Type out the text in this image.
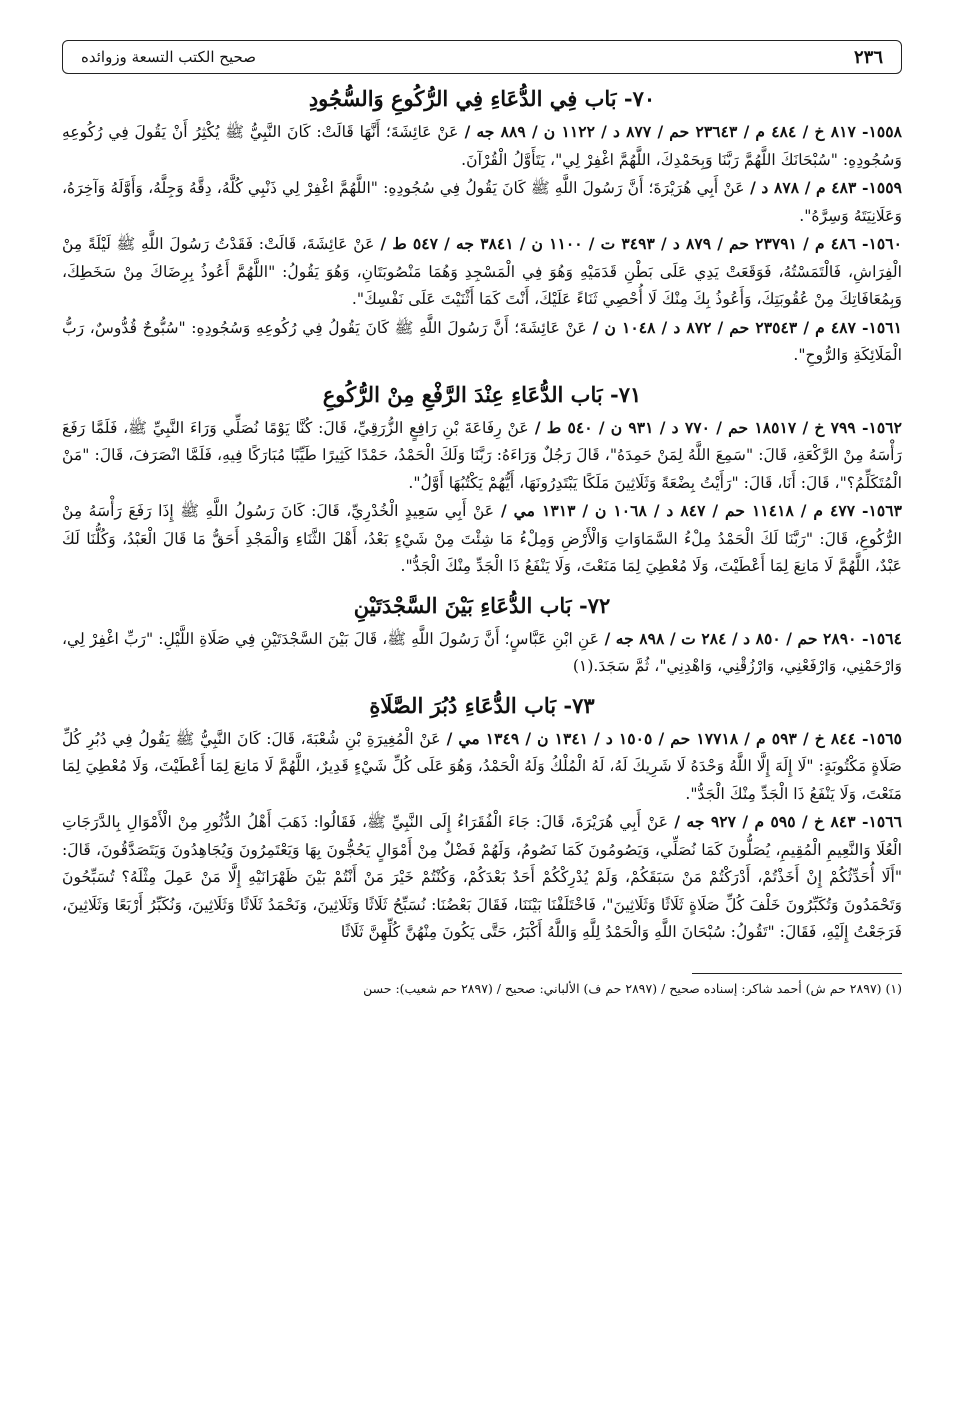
٢٣٦
صحيح الكتب التسعة وزوائده
٧٠- بَاب فِي الدُّعَاءِ فِي الرُّكُوعِ وَالسُّجُودِ

١٥٥٨- ٨١٧ خ / ٤٨٤ م / ٢٣٦٤٣ حم / ٨٧٧ د / ١١٢٢ ن / ٨٨٩ جه / عَنْ عَائِشَةَ؛ أَنَّهَا قَالَتْ: كَانَ النَّبِيُّ ﷺ يُكْثِرُ أَنْ يَقُولَ فِي رُكُوعِهِ وَسُجُودِهِ: "سُبْحَانَكَ اللَّهُمَّ رَبَّنَا وَبِحَمْدِكَ، اللَّهُمَّ اغْفِرْ لِي"، يَتَأَوَّلُ الْقُرْآنَ.

١٥٥٩- ٤٨٣ م / ٨٧٨ د / عَنْ أَبِي هُرَيْرَةَ؛ أَنَّ رَسُولَ اللَّهِ ﷺ كَانَ يَقُولُ فِي سُجُودِهِ: "اللَّهُمَّ اغْفِرْ لِي ذَنْبِي كُلَّهُ، دِقَّهُ وَجِلَّهُ، وَأَوَّلَهُ وَآخِرَهُ، وَعَلَانِيَتَهُ وَسِرَّهُ".

١٥٦٠- ٤٨٦ م / ٢٣٧٩١ حم / ٨٧٩ د / ٣٤٩٣ ت / ١١٠٠ ن / ٣٨٤١ جه / ٥٤٧ ط / عَنْ عَائِشَةَ، قَالَتْ: فَقَدْتُ رَسُولَ اللَّهِ ﷺ لَيْلَةً مِنْ الْفِرَاشِ، فَالْتَمَسْتُهُ، فَوَقَعَتْ يَدِي عَلَى بَطْنِ قَدَمَيْهِ وَهُوَ فِي الْمَسْجِدِ وَهُمَا مَنْصُوبَتَانِ، وَهُوَ يَقُولُ: "اللَّهُمَّ أَعُوذُ بِرِضَاكَ مِنْ سَخَطِكَ، وَبِمُعَافَاتِكَ مِنْ عُقُوبَتِكَ، وَأَعُوذُ بِكَ مِنْكَ لَا أُحْصِي ثَنَاءً عَلَيْكَ، أَنْتَ كَمَا أَثْنَيْتَ عَلَى نَفْسِكَ".

١٥٦١- ٤٨٧ م / ٢٣٥٤٣ حم / ٨٧٢ د / ١٠٤٨ ن / عَنْ عَائِشَةَ؛ أَنَّ رَسُولَ اللَّهِ ﷺ كَانَ يَقُولُ فِي رُكُوعِهِ وَسُجُودِهِ: "سُبُّوحٌ قُدُّوسٌ، رَبُّ الْمَلَائِكَةِ وَالرُّوحِ".

٧١- بَاب الدُّعَاءِ عِنْدَ الرَّفْعِ مِنْ الرُّكُوعِ

١٥٦٢- ٧٩٩ خ / ١٨٥١٧ حم / ٧٧٠ د / ٩٣١ ن / ٥٤٠ ط / عَنْ رِفَاعَةَ بْنِ رَافِعٍ الزُّرَقِيِّ، قَالَ: كُنَّا يَوْمًا نُصَلِّي وَرَاءَ النَّبِيِّ ﷺ، فَلَمَّا رَفَعَ رَأْسَهُ مِنْ الرَّكْعَةِ، قَالَ: "سَمِعَ اللَّهُ لِمَنْ حَمِدَهُ"، قَالَ رَجُلٌ وَرَاءَهُ: رَبَّنَا وَلَكَ الْحَمْدُ، حَمْدًا كَثِيرًا طَيِّبًا مُبَارَكًا فِيهِ، فَلَمَّا انْصَرَفَ، قَالَ: "مَنْ الْمُتَكَلِّمُ؟"، قَالَ: أَنَا، قَالَ: "رَأَيْتُ بِضْعَةً وَثَلَاثِينَ مَلَكًا يَبْتَدِرُونَهَا، أَيُّهُمْ يَكْتُبُهَا أَوَّلُ".

١٥٦٣- ٤٧٧ م / ١١٤١٨ حم / ٨٤٧ د / ١٠٦٨ ن / ١٣١٣ مي / عَنْ أَبِي سَعِيدٍ الْخُدْرِيِّ، قَالَ: كَانَ رَسُولُ اللَّهِ ﷺ إِذَا رَفَعَ رَأْسَهُ مِنْ الرُّكُوعِ، قَالَ: "رَبَّنَا لَكَ الْحَمْدُ مِلْءُ السَّمَاوَاتِ وَالْأَرْضِ وَمِلْءُ مَا شِئْتَ مِنْ شَيْءٍ بَعْدُ، أَهْلَ الثَّنَاءِ وَالْمَجْدِ أَحَقُّ مَا قَالَ الْعَبْدُ، وَكُلُّنَا لَكَ عَبْدٌ، اللَّهُمَّ لَا مَانِعَ لِمَا أَعْطَيْتَ، وَلَا مُعْطِيَ لِمَا مَنَعْتَ، وَلَا يَنْفَعُ ذَا الْجَدِّ مِنْكَ الْجَدُّ".

٧٢- بَاب الدُّعَاءِ بَيْنَ السَّجْدَتَيْنِ

١٥٦٤- ٢٨٩٠ حم / ٨٥٠ د / ٢٨٤ ت / ٨٩٨ جه / عَنِ ابْنِ عَبَّاسٍ؛ أَنَّ رَسُولَ اللَّهِ ﷺ، قَالَ بَيْنَ السَّجْدَتَيْنِ فِي صَلَاةِ اللَّيْلِ: "رَبِّ اغْفِرْ لِي، وَارْحَمْنِي، وَارْفَعْنِي، وَارْزُقْنِي، وَاهْدِنِي"، ثُمَّ سَجَدَ.(١)

٧٣- بَاب الدُّعَاءِ دُبُرَ الصَّلَاةِ

١٥٦٥- ٨٤٤ خ / ٥٩٣ م / ١٧٧١٨ حم / ١٥٠٥ د / ١٣٤١ ن / ١٣٤٩ مي / عَنْ الْمُغِيرَةِ بْنِ شُعْبَةَ، قَالَ: كَانَ النَّبِيُّ ﷺ يَقُولُ فِي دُبُرِ كُلِّ صَلَاةٍ مَكْتُوبَةٍ: "لَا إِلَهَ إِلَّا اللَّهُ وَحْدَهُ لَا شَرِيكَ لَهُ، لَهُ الْمُلْكُ وَلَهُ الْحَمْدُ، وَهُوَ عَلَى كُلِّ شَيْءٍ قَدِيرٌ، اللَّهُمَّ لَا مَانِعَ لِمَا أَعْطَيْتَ، وَلَا مُعْطِيَ لِمَا مَنَعْتَ، وَلَا يَنْفَعُ ذَا الْجَدِّ مِنْكَ الْجَدُّ".

١٥٦٦- ٨٤٣ خ / ٥٩٥ م / ٩٢٧ جه / عَنْ أَبِي هُرَيْرَةَ، قَالَ: جَاءَ الْفُقَرَاءُ إِلَى النَّبِيِّ ﷺ، فَقَالُوا: ذَهَبَ أَهْلُ الدُّثُورِ مِنْ الْأَمْوَالِ بِالدَّرَجَاتِ الْعُلَا وَالنَّعِيمِ الْمُقِيمِ، يُصَلُّونَ كَمَا نُصَلِّي، وَيَصُومُونَ كَمَا نَصُومُ، وَلَهُمْ فَضْلٌ مِنْ أَمْوَالٍ يَحُجُّونَ بِهَا وَيَعْتَمِرُونَ وَيُجَاهِدُونَ وَيَتَصَدَّقُونَ، قَالَ: "أَلَا أُحَدِّثُكُمْ إِنْ أَخَذْتُمْ، أَدْرَكْتُمْ مَنْ سَبَقَكُمْ، وَلَمْ يُدْرِكْكُمْ أَحَدٌ بَعْدَكُمْ، وَكُنْتُمْ خَيْرَ مَنْ أَنْتُمْ بَيْنَ ظَهْرَانَيْهِ إِلَّا مَنْ عَمِلَ مِثْلَهُ؟ تُسَبِّحُونَ وَتَحْمَدُونَ وَتُكَبِّرُونَ خَلْفَ كُلِّ صَلَاةٍ ثَلَاثًا وَثَلَاثِينَ"، فَاخْتَلَفْنَا بَيْنَنَا، فَقَالَ بَعْضُنَا: نُسَبِّحُ ثَلَاثًا وَثَلَاثِينَ، وَنَحْمَدُ ثَلَاثًا وَثَلَاثِينَ، وَنُكَبِّرُ أَرْبَعًا وَثَلَاثِينَ، فَرَجَعْتُ إِلَيْهِ، فَقَالَ: "تَقُولُ: سُبْحَانَ اللَّهِ وَالْحَمْدُ لِلَّهِ وَاللَّهُ أَكْبَرُ، حَتَّى يَكُونَ مِنْهُنَّ كُلِّهِنَّ ثَلَاثًا

(١) (٢٨٩٧ حم ش) أحمد شاكر: إسناده صحيح / (٢٨٩٧ حم ف) الألباني: صحيح / (٢٨٩٧ حم شعيب): حسن
